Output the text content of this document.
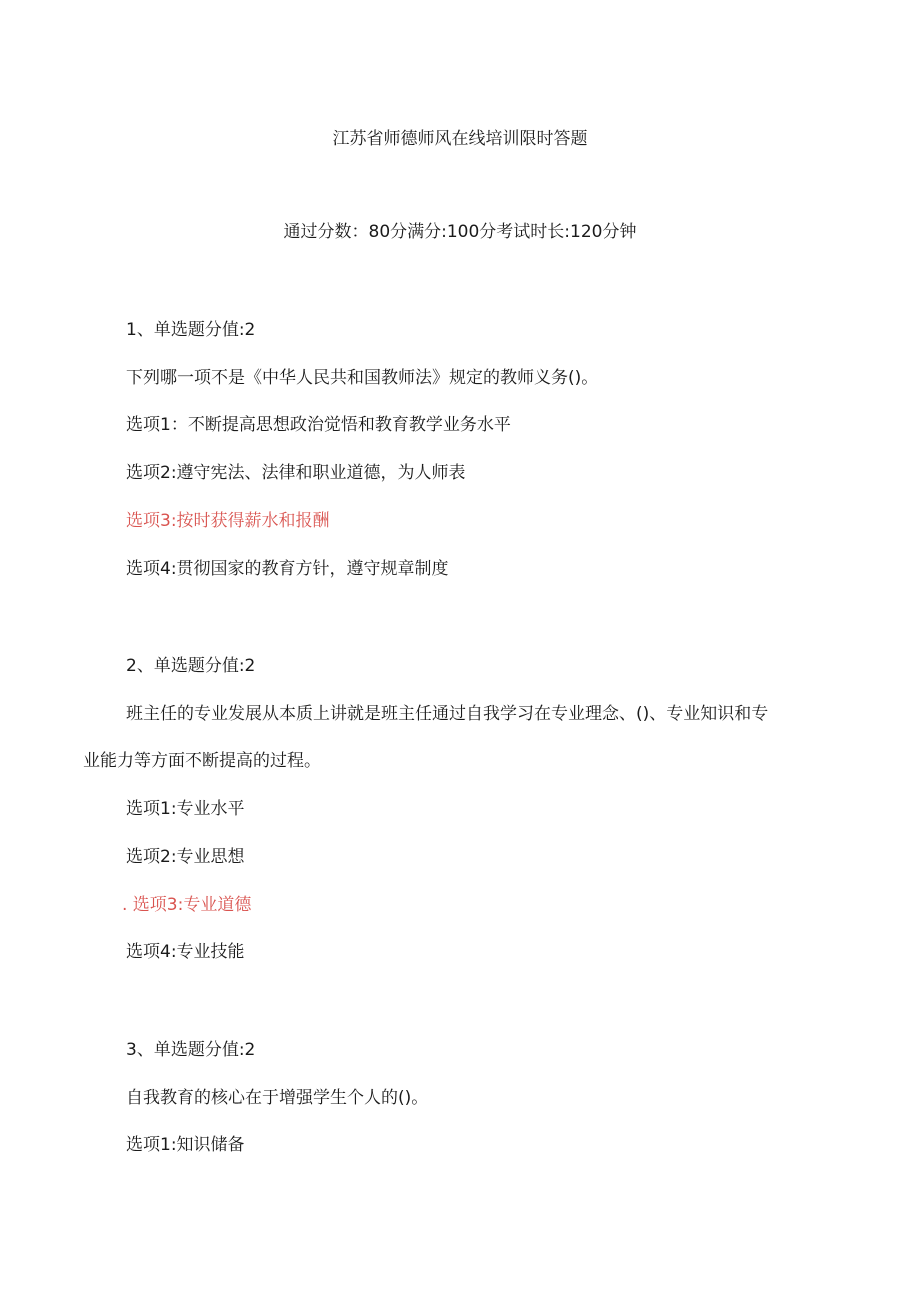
江苏省师德师风在线培训限时答题
通过分数：80分满分:100分考试时长:120分钟
1、单选题分值:2
下列哪一项不是《中华人民共和国教师法》规定的教师义务()。
选项1：不断提高思想政治觉悟和教育教学业务水平
选项2:遵守宪法、法律和职业道德，为人师表
选项3:按时获得薪水和报酬
选项4:贯彻国家的教育方针，遵守规章制度
2、单选题分值:2
班主任的专业发展从本质上讲就是班主任通过自我学习在专业理念、()、专业知识和专
业能力等方面不断提高的过程。
选项1:专业水平
选项2:专业思想
. 选项3:专业道德
选项4:专业技能
3、单选题分值:2
自我教育的核心在于增强学生个人的()。
选项1:知识储备
